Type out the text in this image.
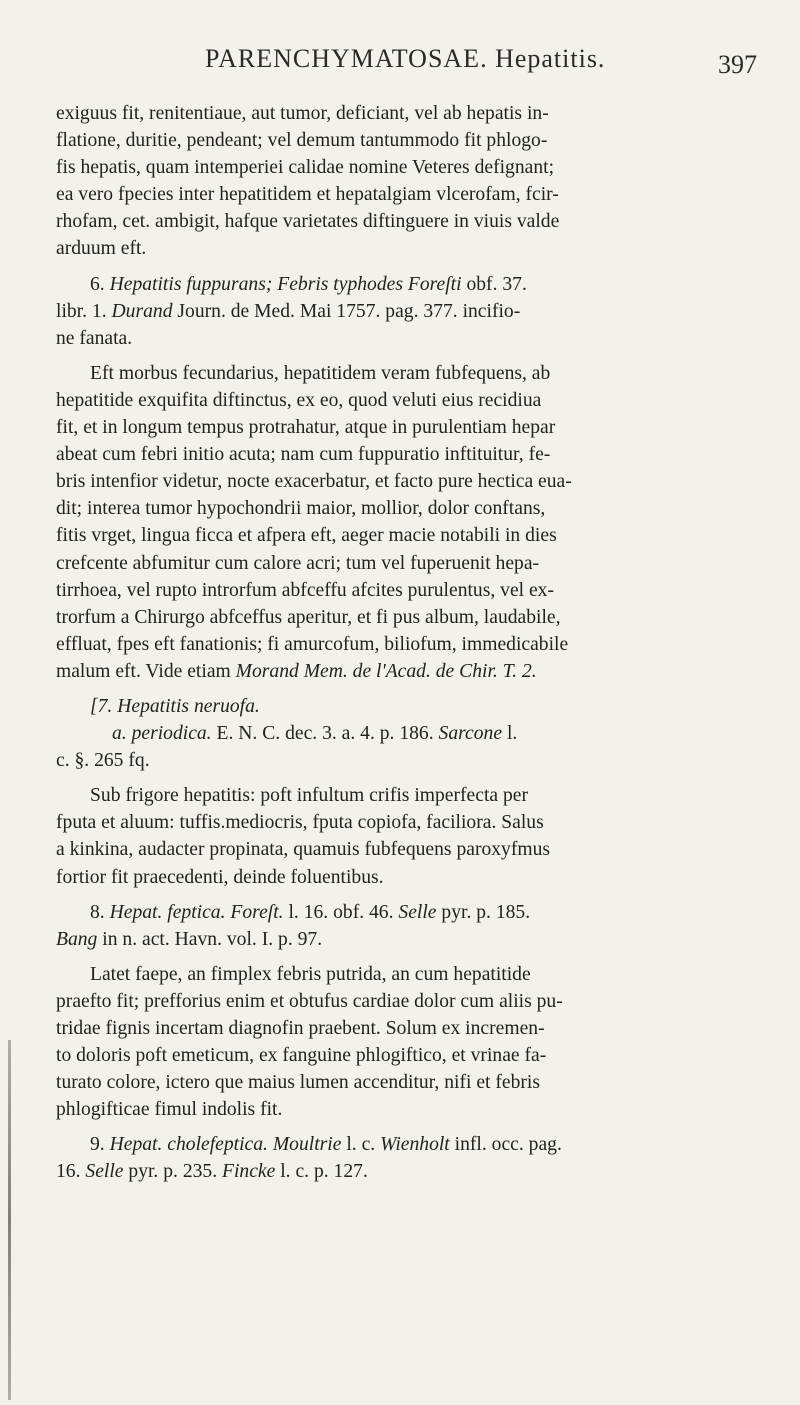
PARENCHYMATOSAE. Hepatitis.	397

exiguus fit, renitentiaue, aut tumor, deficiant, vel ab hepatis in-

flatione, duritie, pendeant; vel demum tantummodo fit phlogo-

fis hepatis, quam intemperiei calidae nomine Veteres defignant;

ea vero fpecies inter hepatitidem et hepatalgiam vlcerofam, fcir-

rhofam, cet. ambigit, hafque varietates diftinguere in viuis valde

arduum eft.

6. Hepatitis fuppurans; Febris typhodes Foreſti obf. 37.

libr. 1. Durand Journ. de Med. Mai 1757. pag. 377. incifio-

ne fanata.

Eft morbus fecundarius, hepatitidem veram fubfequens, ab

hepatitide exquifita diftinctus, ex eo, quod veluti eius recidiua

fit, et in longum tempus protrahatur, atque in purulentiam hepar

abeat cum febri initio acuta; nam cum fuppuratio inftituitur, fe-

bris intenfior videtur, nocte exacerbatur, et facto pure hectica eua-

dit; interea tumor hypochondrii maior, mollior, dolor conftans,

fitis vrget, lingua ficca et afpera eft, aeger macie notabili in dies

crefcente abfumitur cum calore acri; tum vel fuperuenit hepa-

tirrhoea, vel rupto introrfum abfceffu afcites purulentus, vel ex-

trorfum a Chirurgo abfceffus aperitur, et fi pus album, laudabile,

effluat, fpes eft fanationis; fi amurcofum, biliofum, immedicabile

malum eft. Vide etiam Morand Mem. de l'Acad. de Chir. T. 2.

[7. Hepatitis neruofa.

a. periodica. E. N. C. dec. 3. a. 4. p. 186. Sarcone l.

c. §. 265 fq.

Sub frigore hepatitis: poft infultum crifis imperfecta per

fputa et aluum: tuffis.mediocris, fputa copiofa, faciliora. Salus

a kinkina, audacter propinata, quamuis fubfequens paroxyfmus

fortior fit praecedenti, deinde foluentibus.

8. Hepat. feptica. Foreſt. l. 16. obf. 46. Selle pyr. p. 185.

Bang in n. act. Havn. vol. I. p. 97.

Latet faepe, an fimplex febris putrida, an cum hepatitide

praefto fit; prefforius enim et obtufus cardiae dolor cum aliis pu-

tridae fignis incertam diagnofin praebent. Solum ex incremen-

to doloris poft emeticum, ex fanguine phlogiftico, et vrinae fa-

turato colore, ictero que maius lumen accenditur, nifi et febris

phlogifticae fimul indolis fit.

9. Hepat. cholefeptica. Moultrie l. c. Wienholt infl. occ. pag.

16. Selle pyr. p. 235. Fincke l. c. p. 127.
